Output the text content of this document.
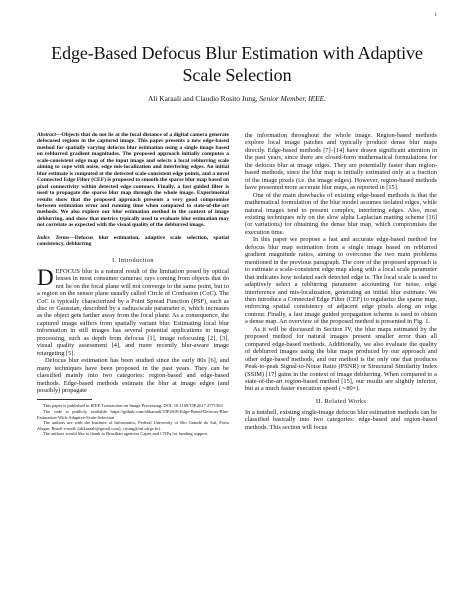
1
Edge-Based Defocus Blur Estimation with Adaptive Scale Selection
Ali Karaali and Claudio Rosito Jung, Senior Member, IEEE.

Abstract—Objects that do not lie at the focal distance of a digital camera generate defocused regions in the captured image. This paper presents a new edge-based method for spatially varying defocus blur estimation using a single image based on reblurred gradient magnitudes. The proposed approach initially computes a scale-consistent edge map of the input image and selects a local reblurring scale aiming to cope with noise, edge mis-localization and interfering edges. An initial blur estimate is computed at the detected scale-consistent edge points, and a novel Connected Edge Filter (CEF) is proposed to smooth the sparse blur map based on pixel connectivity within detected edge contours. Finally, a fast guided filter is used to propagate the sparse blur map through the whole image. Experimental results show that the proposed approach presents a very good compromise between estimation error and running time when compared to state-of-the-art methods. We also explore our blur estimation method in the context of image deblurring, and show that metrics typically used to evaluate blur estimation may not correlate as expected with the visual quality of the deblurred image.

Index Terms—Defocus blur estimation, adaptive scale selection, spatial consistency, deblurring

I. Introduction

DEFOCUS blur is a natural result of the limitation posed by optical lenses in most consumer cameras: rays coming from objects that do not lie on the focal plane will not converge to the same point, but to a region on the sensor plane usually called Circle of Confusion (CoC). The CoC is typically characterized by a Point Spread Function (PSF), such as disc or Gaussian, described by a radius/scale parameter σ, which increases as the object gets farther away from the focal plane. As a consequence, the captured image suffers from spatially variant blur. Estimating local blur information in still images has several potential applications in image processing, such as depth from defocus [1], image refocusing [2], [3], visual quality assessment [4], and more recently blur-aware image retargeting [5].

Defocus blur estimation has been studied since the early 80s [6], and many techniques have been proposed in the past years. They can be classified mainly into two categories: region-based and edge-based methods. Edge-based methods estimate the blur at image edges (and possibly) propagate

This paper is published in IEEE Transaction on Image Processing. DOI: 10.1109/TIP.2017.2771563

The code is publicly available https://github.com/alikaraali/TIP2018-Edge-Based-Defocus-Blur-Estimation-With-Adaptive-Scale-Selection

The authors are with the Institute of Informatics, Federal University of Rio Grande do Sul, Porto Alegre, Brazil e-mail: (alikaraali@gmail.com), crjung@inf.ufrgs.br).

The authors would like to thank to Brazilian agencies Capes and CNPq for funding support.

the information throughout the whole image. Region-based methods explore local image patches and typically produce dense blur maps directly. Edge-based methods [7]–[14] have drawn significant attention in the past years, since there are closed-form mathematical formulations for the defocus blur at image edges. They are potentially faster than region-based methods, since the blur map is initially estimated only at a fraction of the image pixels (i.e. the image edges). However, region-based methods have presented more accurate blur maps, as reported in [15].

One of the main drawbacks of existing edge-based methods is that the mathematical formulation of the blur model assumes isolated edges, while natural images tend to present complex, interfering edges. Also, most existing techniques rely on the slow alpha Laplacian matting scheme [16] (or variations) for obtaining the dense blur map, which compromises the execution time.

In this paper we propose a fast and accurate edge-based method for defocus blur map estimation from a single image based on reblurred gradient magnitude ratios, aiming to overcome the two main problems mentioned in the previous paragraph. The core of the proposed approach is to estimate a scale-consistent edge map along with a local scale parameter that indicates how isolated each detected edge is. The local scale is used to adaptively select a reblurring parameter accounting for noise, edge interference and mis-localization, generating an initial blur estimate. We then introduce a Connected Edge Filter (CEF) to regularize the sparse map, enforcing spatial consistency of adjacent edge pixels along an edge contour. Finally, a fast image guided propagation scheme is used to obtain a dense map. An overview of the proposed method is presented in Fig. 1.

As it will be discussed in Section IV, the blur maps estimated by the proposed method for natural images present smaller error than all compared edge-based methods. Additionally, we also evaluate the quality of deblurred images using the blur maps produced by our approach and other edge-based methods, and our method is the only one that produces Peak-to-peak Signal-to-Noise Ratio (PSNR) or Structural Similarity Index (SSIM) [17] gains in the context of image deblurring. When compared to a state-of-the-art region-based method [15], our results are slightly inferior, but at a much faster execution speed (∼80×).

II. Related Works

In a nutshell, existing single-image defocus blur estimation methods can be classified basically into two categories: edge-based and region-based methods. This section will focus
